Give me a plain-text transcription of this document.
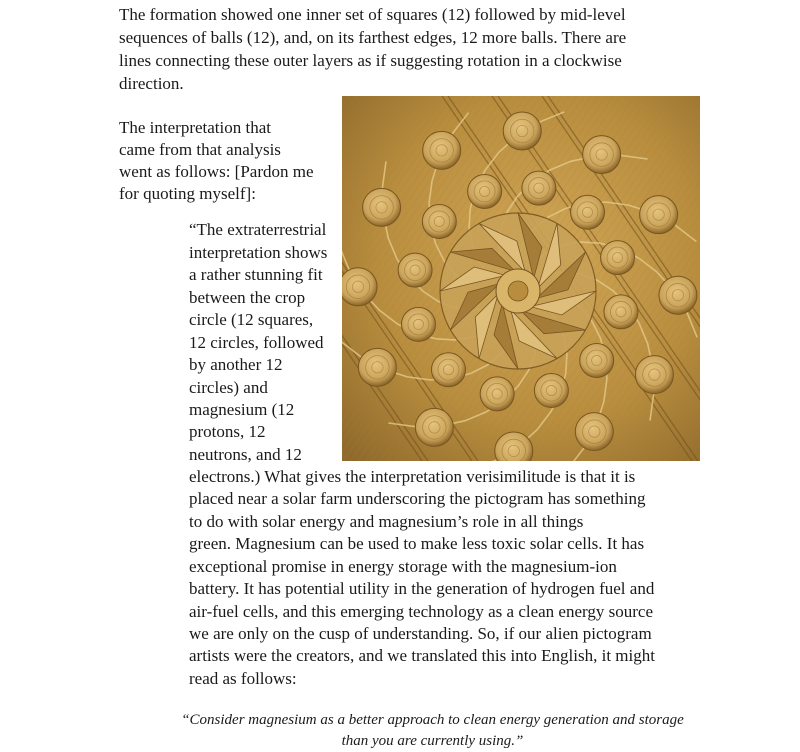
The formation showed one inner set of squares (12) followed by mid-level

sequences of balls (12), and, on its farthest edges, 12 more balls. There are

lines connecting these outer layers as if suggesting rotation in a clockwise

direction.

The interpretation that

came from that analysis

went as follows: [Pardon me

for quoting myself]:

“The extraterrestrial

interpretation shows

a rather stunning fit

between the crop

circle (12 squares,

12 circles, followed

by another 12

circles) and

magnesium (12

protons, 12

neutrons, and 12

electrons.) What gives the interpretation verisimilitude is that it is

placed near a solar farm underscoring the pictogram has something

to do with solar energy and magnesium’s role in all things

green. Magnesium can be used to make less toxic solar cells. It has

exceptional promise in energy storage with the magnesium-ion

battery. It has potential utility in the generation of hydrogen fuel and

air-fuel cells, and this emerging technology as a clean energy source

we are only on the cusp of understanding. So, if our alien pictogram

artists were the creators, and we translated this into English, it might

read as follows:

“Consider magnesium as a better approach to clean energy generation and storage

than you are currently using.”
